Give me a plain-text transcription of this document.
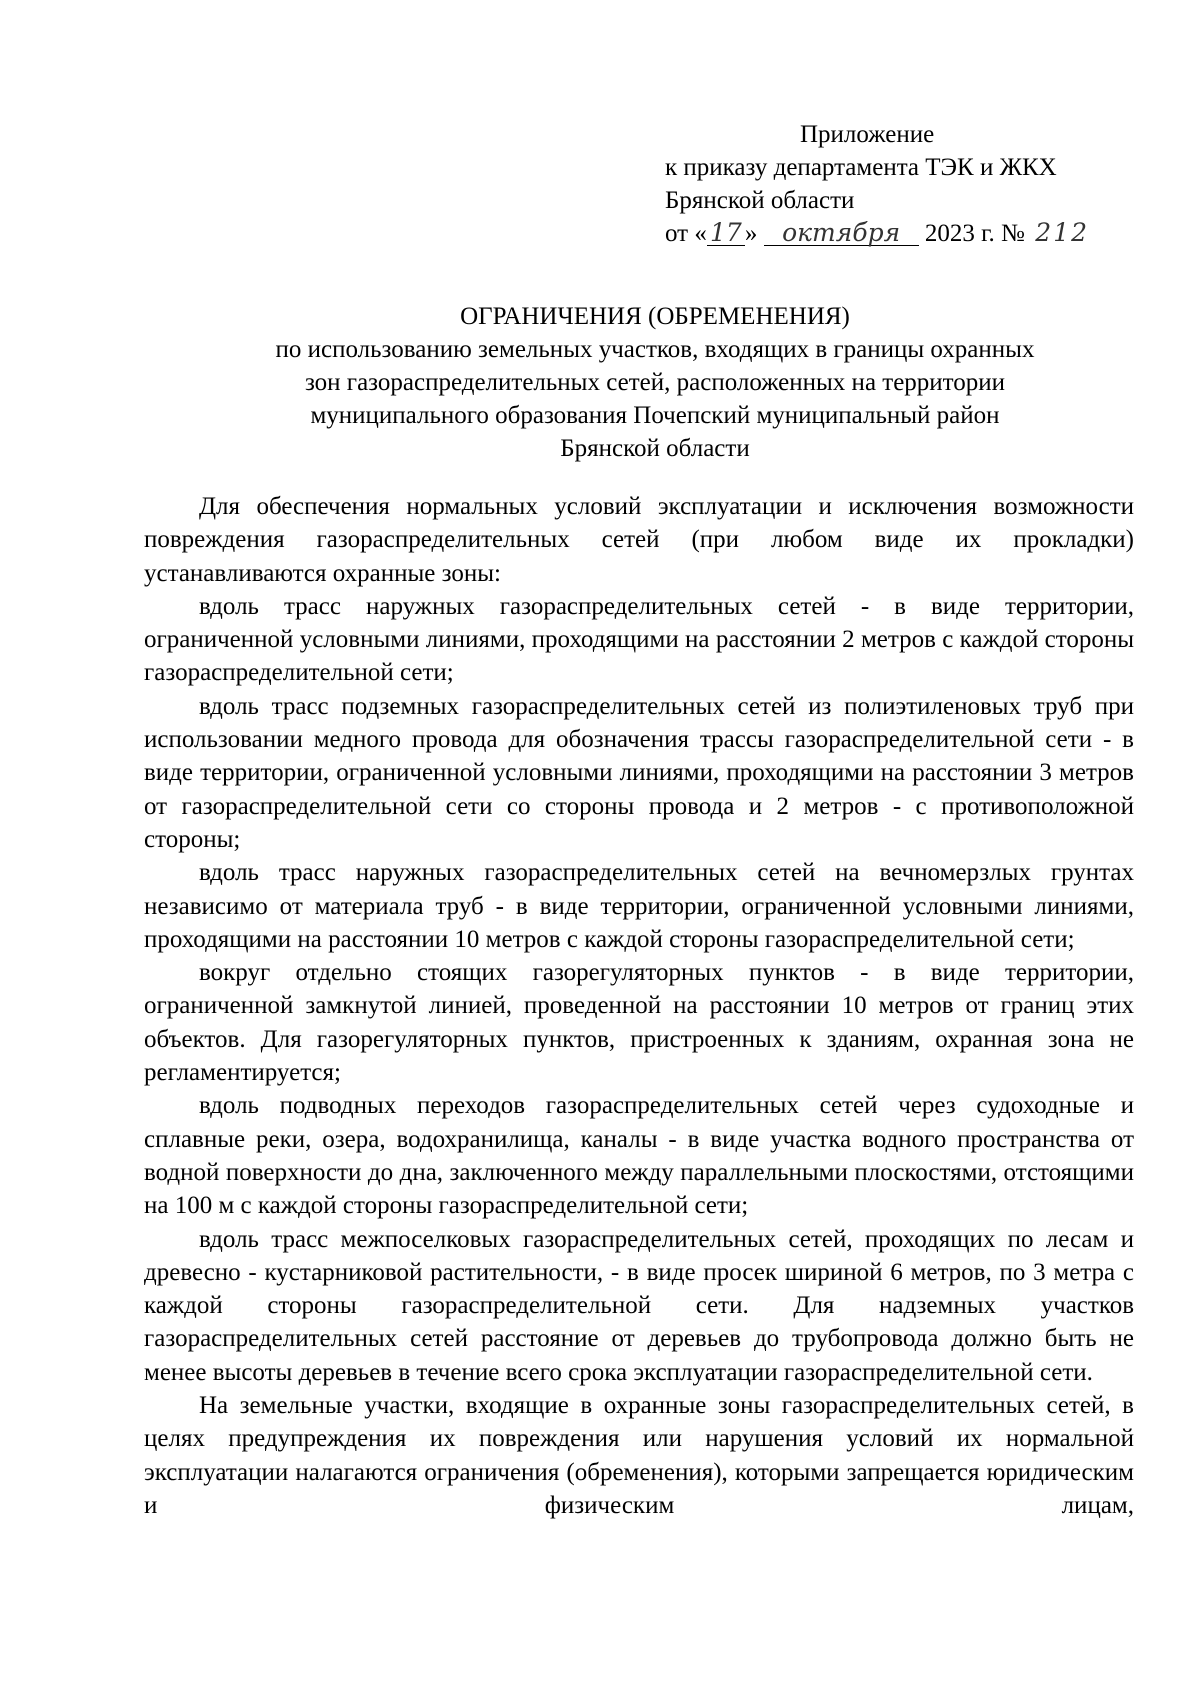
Приложение
к приказу департамента ТЭК и ЖКХ
Брянской области
от « 17 » октября 2023 г. № 212
ОГРАНИЧЕНИЯ (ОБРЕМЕНЕНИЯ)
по использованию земельных участков, входящих в границы охранных
зон газораспределительных сетей, расположенных на территории
муниципального образования Почепский муниципальный район
Брянской области

Для обеспечения нормальных условий эксплуатации и исключения возможности повреждения газораспределительных сетей (при любом виде их прокладки) устанавливаются охранные зоны:

вдоль трасс наружных газораспределительных сетей - в виде территории, ограниченной условными линиями, проходящими на расстоянии 2 метров с каждой стороны газораспределительной сети;

вдоль трасс подземных газораспределительных сетей из полиэтиленовых труб при использовании медного провода для обозначения трассы газораспределительной сети - в виде территории, ограниченной условными линиями, проходящими на расстоянии 3 метров от газораспределительной сети со стороны провода и 2 метров - с противоположной стороны;

вдоль трасс наружных газораспределительных сетей на вечномерзлых грунтах независимо от материала труб - в виде территории, ограниченной условными линиями, проходящими на расстоянии 10 метров с каждой стороны газораспределительной сети;

вокруг отдельно стоящих газорегуляторных пунктов - в виде территории, ограниченной замкнутой линией, проведенной на расстоянии 10 метров от границ этих объектов. Для газорегуляторных пунктов, пристроенных к зданиям, охранная зона не регламентируется;

вдоль подводных переходов газораспределительных сетей через судоходные и сплавные реки, озера, водохранилища, каналы - в виде участка водного пространства от водной поверхности до дна, заключенного между параллельными плоскостями, отстоящими на 100 м с каждой стороны газораспределительной сети;

вдоль трасс межпоселковых газораспределительных сетей, проходящих по лесам и древесно - кустарниковой растительности, - в виде просек шириной 6 метров, по 3 метра с каждой стороны газораспределительной сети. Для надземных участков газораспределительных сетей расстояние от деревьев до трубопровода должно быть не менее высоты деревьев в течение всего срока эксплуатации газораспределительной сети.

На земельные участки, входящие в охранные зоны газораспределительных сетей, в целях предупреждения их повреждения или нарушения условий их нормальной эксплуатации налагаются ограничения (обременения), которыми запрещается юридическим и физическим лицам,
